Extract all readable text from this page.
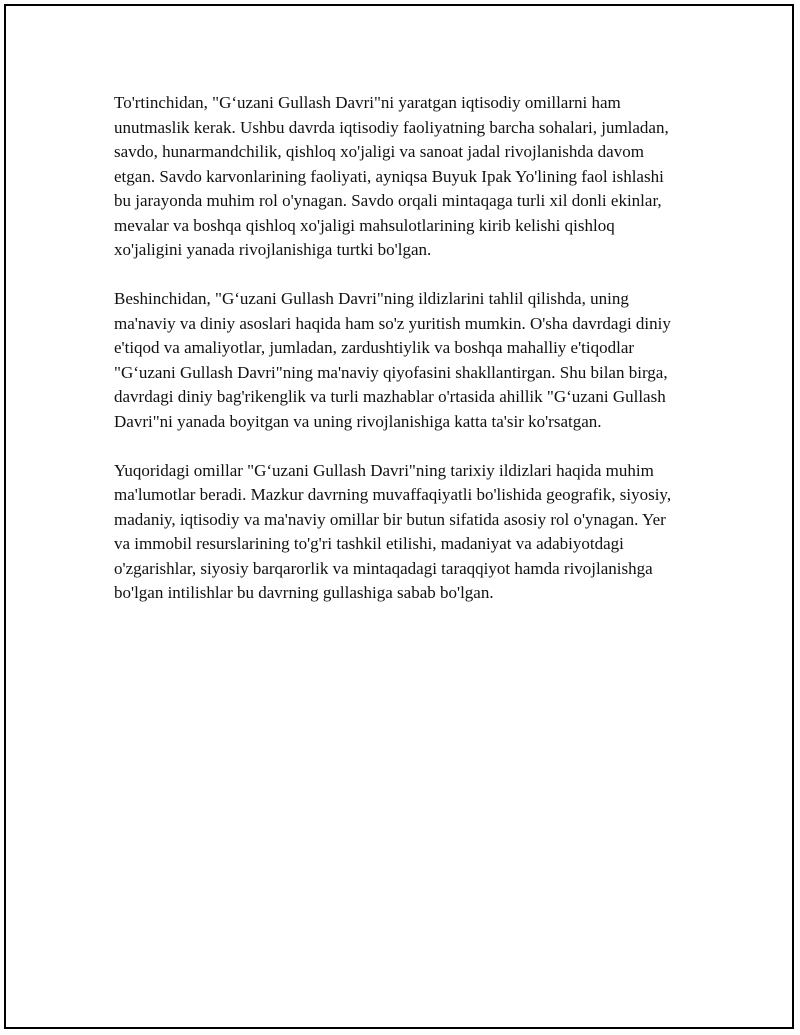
To'rtinchidan, "G‘uzani Gullash Davri"ni yaratgan iqtisodiy omillarni ham unutmaslik kerak. Ushbu davrda iqtisodiy faoliyatning barcha sohalari, jumladan, savdo, hunarmandchilik, qishloq xo'jaligi va sanoat jadal rivojlanishda davom etgan. Savdo karvonlarining faoliyati, ayniqsa Buyuk Ipak Yo'lining faol ishlashi bu jarayonda muhim rol o'ynagan. Savdo orqali mintaqaga turli xil donli ekinlar, mevalar va boshqa qishloq xo'jaligi mahsulotlarining kirib kelishi qishloq xo'jaligini yanada rivojlanishiga turtki bo'lgan.

Beshinchidan, "G‘uzani Gullash Davri"ning ildizlarini tahlil qilishda, uning ma'naviy va diniy asoslari haqida ham so'z yuritish mumkin. O'sha davrdagi diniy e'tiqod va amaliyotlar, jumladan, zardushtiylik va boshqa mahalliy e'tiqodlar "G‘uzani Gullash Davri"ning ma'naviy qiyofasini shakllantirgan. Shu bilan birga, davrdagi diniy bag'rikenglik va turli mazhablar o'rtasida ahillik "G‘uzani Gullash Davri"ni yanada boyitgan va uning rivojlanishiga katta ta'sir ko'rsatgan.

Yuqoridagi omillar "G‘uzani Gullash Davri"ning tarixiy ildizlari haqida muhim ma'lumotlar beradi. Mazkur davrning muvaffaqiyatli bo'lishida geografik, siyosiy, madaniy, iqtisodiy va ma'naviy omillar bir butun sifatida asosiy rol o'ynagan. Yer va immobil resurslarining to'g'ri tashkil etilishi, madaniyat va adabiyotdagi o'zgarishlar, siyosiy barqarorlik va mintaqadagi taraqqiyot hamda rivojlanishga bo'lgan intilishlar bu davrning gullashiga sabab bo'lgan.
